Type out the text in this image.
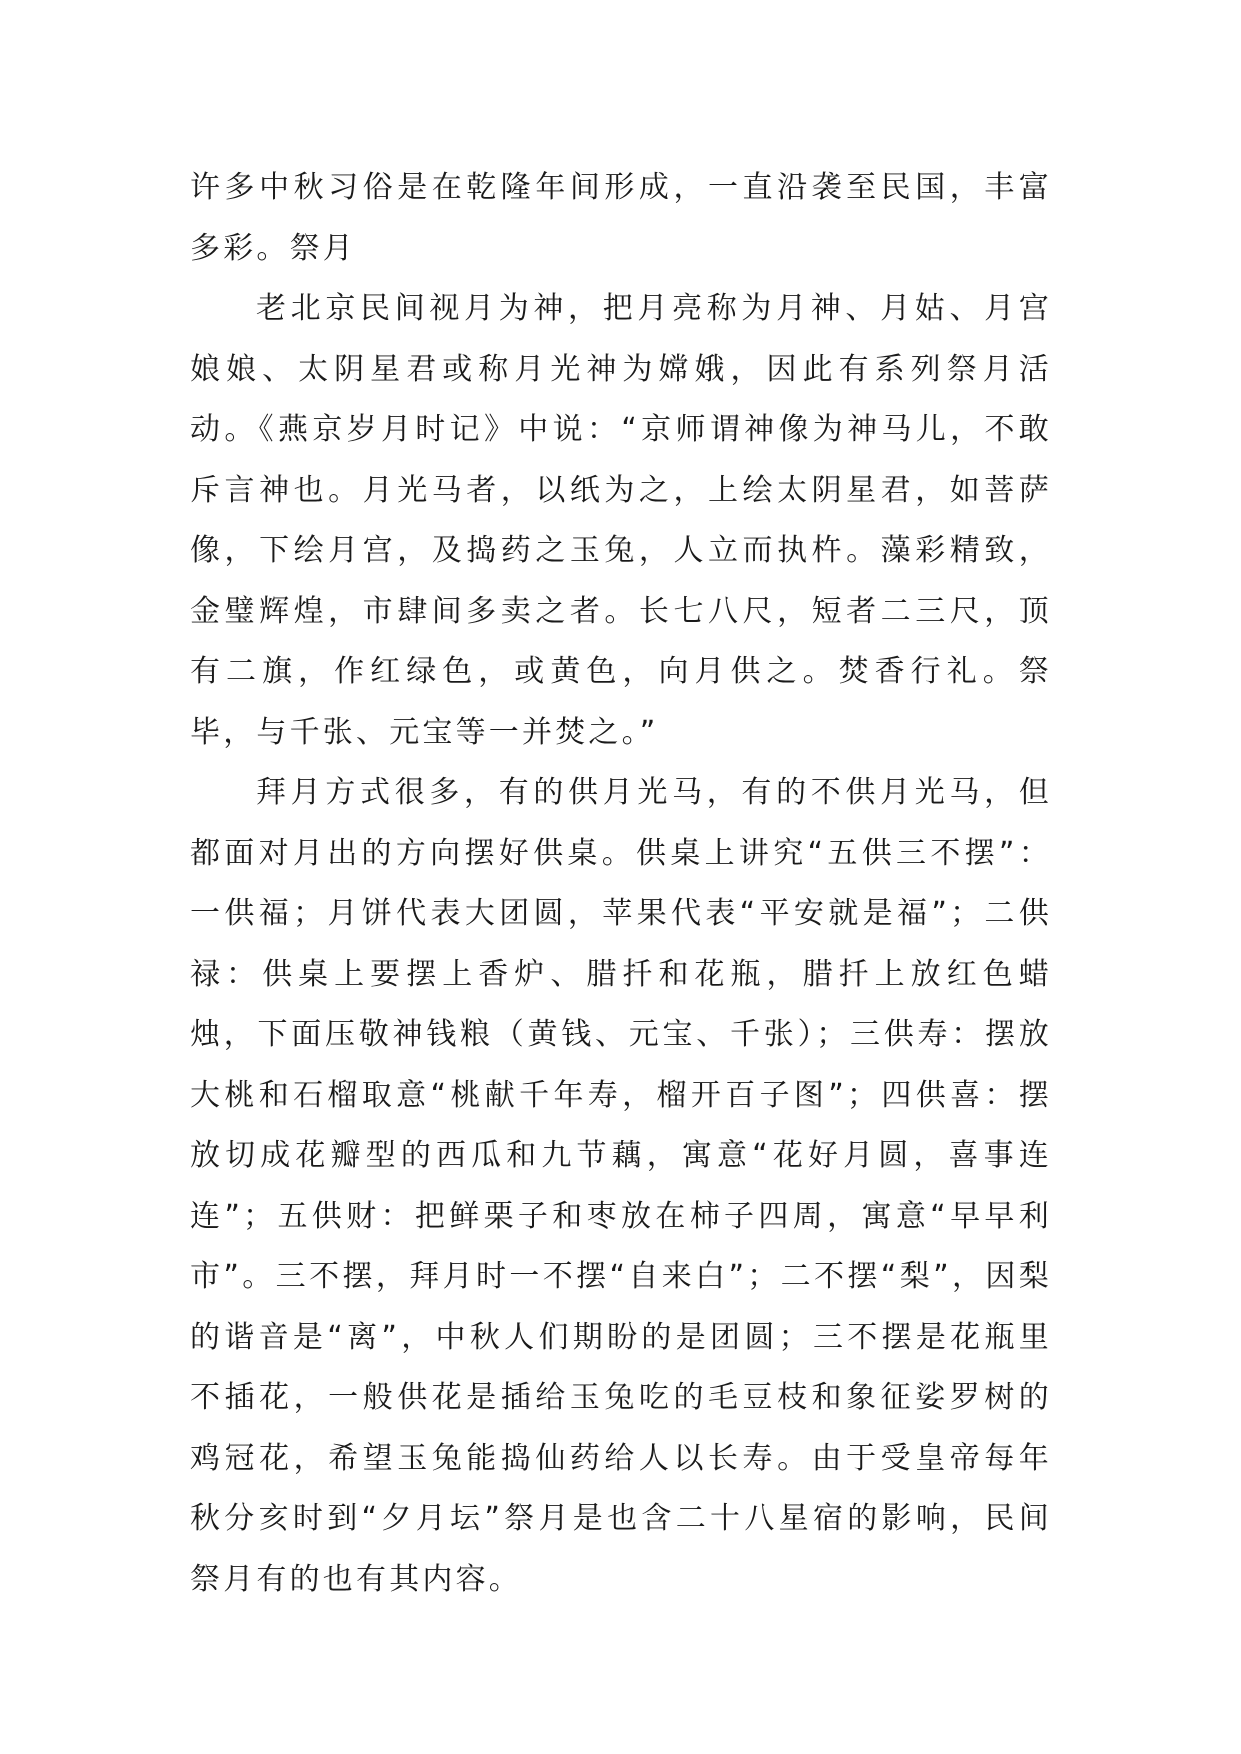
许多中秋习俗是在乾隆年间形成，一直沿袭至民国，丰富多彩。祭月

老北京民间视月为神，把月亮称为月神、月姑、月宫娘娘、太阴星君或称月光神为嫦娥，因此有系列祭月活动。《燕京岁月时记》中说：“京师谓神像为神马儿，不敢斥言神也。月光马者，以纸为之，上绘太阴星君，如菩萨像，下绘月宫，及捣药之玉兔，人立而执杵。藻彩精致，金璧辉煌，市肆间多卖之者。长七八尺，短者二三尺，顶有二旗，作红绿色，或黄色，向月供之。焚香行礼。祭毕，与千张、元宝等一并焚之。”

拜月方式很多，有的供月光马，有的不供月光马，但都面对月出的方向摆好供桌。供桌上讲究“五供三不摆”：一供福；月饼代表大团圆，苹果代表“平安就是福”；二供禄：供桌上要摆上香炉、腊扦和花瓶，腊扦上放红色蜡烛，下面压敬神钱粮（黄钱、元宝、千张）；三供寿：摆放大桃和石榴取意“桃献千年寿，榴开百子图”；四供喜：摆放切成花瓣型的西瓜和九节藕，寓意“花好月圆，喜事连连”；五供财：把鲜栗子和枣放在柿子四周，寓意“早早利市”。三不摆，拜月时一不摆“自来白”；二不摆“梨”，因梨的谐音是“离”，中秋人们期盼的是团圆；三不摆是花瓶里不插花，一般供花是插给玉兔吃的毛豆枝和象征娑罗树的鸡冠花，希望玉兔能捣仙药给人以长寿。由于受皇帝每年秋分亥时到“夕月坛”祭月是也含二十八星宿的影响，民间祭月有的也有其内容。
